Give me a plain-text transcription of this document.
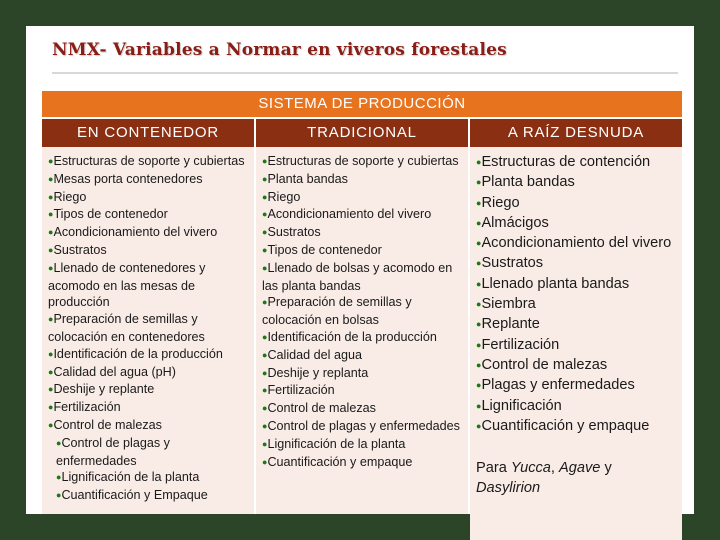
NMX- Variables a Normar en viveros forestales
SISTEMA DE PRODUCCIÓN
EN CONTENEDOR	TRADICIONAL	A RAÍZ DESNUDA
●Estructuras de soporte y cubiertas
●Mesas porta contenedores
●Riego
●Tipos de contenedor
●Acondicionamiento del vivero
●Sustratos
●Llenado de contenedores y acomodo en las mesas de producción
●Preparación de semillas y colocación en contenedores
●Identificación de la producción
●Calidad del agua (pH)
●Deshije y replante
●Fertilización
●Control de malezas
●Control de plagas y enfermedades
●Lignificación de la planta
●Cuantificación y Empaque
●Estructuras de soporte y cubiertas
●Planta bandas
●Riego
●Acondicionamiento del vivero
●Sustratos
●Tipos de contenedor
●Llenado de bolsas y acomodo en las planta bandas
●Preparación de semillas y colocación en bolsas
●Identificación de la producción
●Calidad del agua
●Deshije y replanta
●Fertilización
●Control de malezas
●Control de plagas y enfermedades
●Lignificación de la planta
●Cuantificación y empaque
●Estructuras de contención
●Planta bandas
●Riego
●Almácigos
●Acondicionamiento del vivero
●Sustratos
●Llenado planta bandas
●Siembra
●Replante
●Fertilización
●Control de malezas
●Plagas y enfermedades
●Lignificación
●Cuantificación y empaque
Para Yucca, Agave y Dasylirion
